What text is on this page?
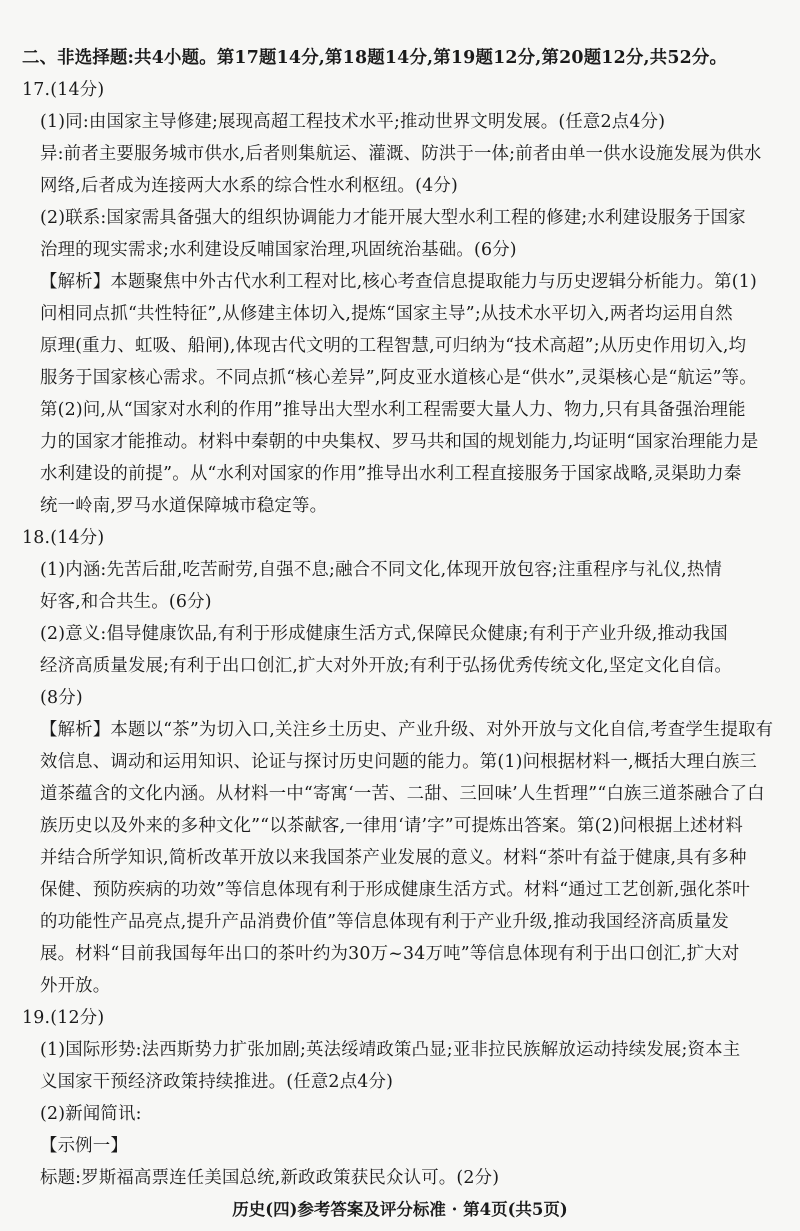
二、非选择题:共4小题。第17题14分,第18题14分,第19题12分,第20题12分,共52分。
17.(14分)
(1)同:由国家主导修建;展现高超工程技术水平;推动世界文明发展。(任意2点4分)
异:前者主要服务城市供水,后者则集航运、灌溉、防洪于一体;前者由单一供水设施发展为供水
网络,后者成为连接两大水系的综合性水利枢纽。(4分)
(2)联系:国家需具备强大的组织协调能力才能开展大型水利工程的修建;水利建设服务于国家
治理的现实需求;水利建设反哺国家治理,巩固统治基础。(6分)
【解析】本题聚焦中外古代水利工程对比,核心考查信息提取能力与历史逻辑分析能力。第(1)
问相同点抓“共性特征”,从修建主体切入,提炼“国家主导”;从技术水平切入,两者均运用自然
原理(重力、虹吸、船闸),体现古代文明的工程智慧,可归纳为“技术高超”;从历史作用切入,均
服务于国家核心需求。不同点抓“核心差异”,阿皮亚水道核心是“供水”,灵渠核心是“航运”等。
第(2)问,从“国家对水利的作用”推导出大型水利工程需要大量人力、物力,只有具备强治理能
力的国家才能推动。材料中秦朝的中央集权、罗马共和国的规划能力,均证明“国家治理能力是
水利建设的前提”。从“水利对国家的作用”推导出水利工程直接服务于国家战略,灵渠助力秦
统一岭南,罗马水道保障城市稳定等。
18.(14分)
(1)内涵:先苦后甜,吃苦耐劳,自强不息;融合不同文化,体现开放包容;注重程序与礼仪,热情
好客,和合共生。(6分)
(2)意义:倡导健康饮品,有利于形成健康生活方式,保障民众健康;有利于产业升级,推动我国
经济高质量发展;有利于出口创汇,扩大对外开放;有利于弘扬优秀传统文化,坚定文化自信。
(8分)
【解析】本题以“茶”为切入口,关注乡土历史、产业升级、对外开放与文化自信,考查学生提取有
效信息、调动和运用知识、论证与探讨历史问题的能力。第(1)问根据材料一,概括大理白族三
道茶蕴含的文化内涵。从材料一中“寄寓‘一苦、二甜、三回味’人生哲理”“白族三道茶融合了白
族历史以及外来的多种文化”“以茶献客,一律用‘请’字”可提炼出答案。第(2)问根据上述材料
并结合所学知识,简析改革开放以来我国茶产业发展的意义。材料“茶叶有益于健康,具有多种
保健、预防疾病的功效”等信息体现有利于形成健康生活方式。材料“通过工艺创新,强化茶叶
的功能性产品亮点,提升产品消费价值”等信息体现有利于产业升级,推动我国经济高质量发
展。材料“目前我国每年出口的茶叶约为30万~34万吨”等信息体现有利于出口创汇,扩大对
外开放。
19.(12分)
(1)国际形势:法西斯势力扩张加剧;英法绥靖政策凸显;亚非拉民族解放运动持续发展;资本主
义国家干预经济政策持续推进。(任意2点4分)
(2)新闻简讯:
历史(四)参考答案及评分标准 · 第4页(共5页)
【示例一】
标题:罗斯福高票连任美国总统,新政政策获民众认可。(2分)
